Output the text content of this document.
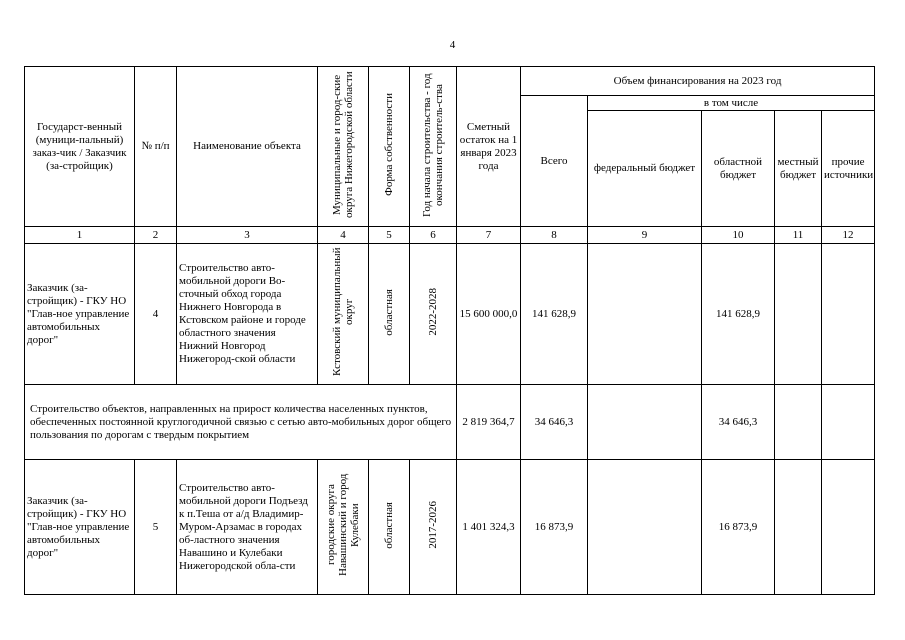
4
Государст-венный (муници-пальный) заказ-чик / Заказчик (за-стройщик)	№ п/п	Наименование объекта	Муниципальные и город-ские округа Нижегородской области	Форма собственности	Год начала строительства - год окончания строитель-ства	Сметный остаток на 1 января 2023 года	Объем финансирования на 2023 год				
							Всего	в том числе			
								федеральный бюджет	областной бюджет	местный бюджет	прочие источники
1	2	3	4	5	6	7	8	9	10	11	12
Заказчик (за-стройщик) - ГКУ НО "Глав-ное управление автомобильных дорог"	4	Строительство авто-мобильной дороги Во-сточный обход города Нижнего Новгорода в Кстовском районе и городе областного значения Нижний Новгород Нижегород-ской области	Кстовский муниципальный округ	областная	2022-2028	15 600 000,0	141 628,9		141 628,9		
Строительство объектов, направленных на прирост количества населенных пунктов, обеспеченных постоянной круглогодичной связью с сетью авто-мобильных дорог общего пользования по дорогам с твердым покрытием						2 819 364,7	34 646,3		34 646,3		
Заказчик (за-стройщик) - ГКУ НО "Глав-ное управление автомобильных дорог"	5	Строительство авто-мобильной дороги Подъезд к п.Теша от а/д Владимир-Муром-Арзамас в городах об-ластного значения Навашино и Кулебаки Нижегородской обла-сти	городские округа Навашинский и город Кулебаки	областная	2017-2026	1 401 324,3	16 873,9		16 873,9		
